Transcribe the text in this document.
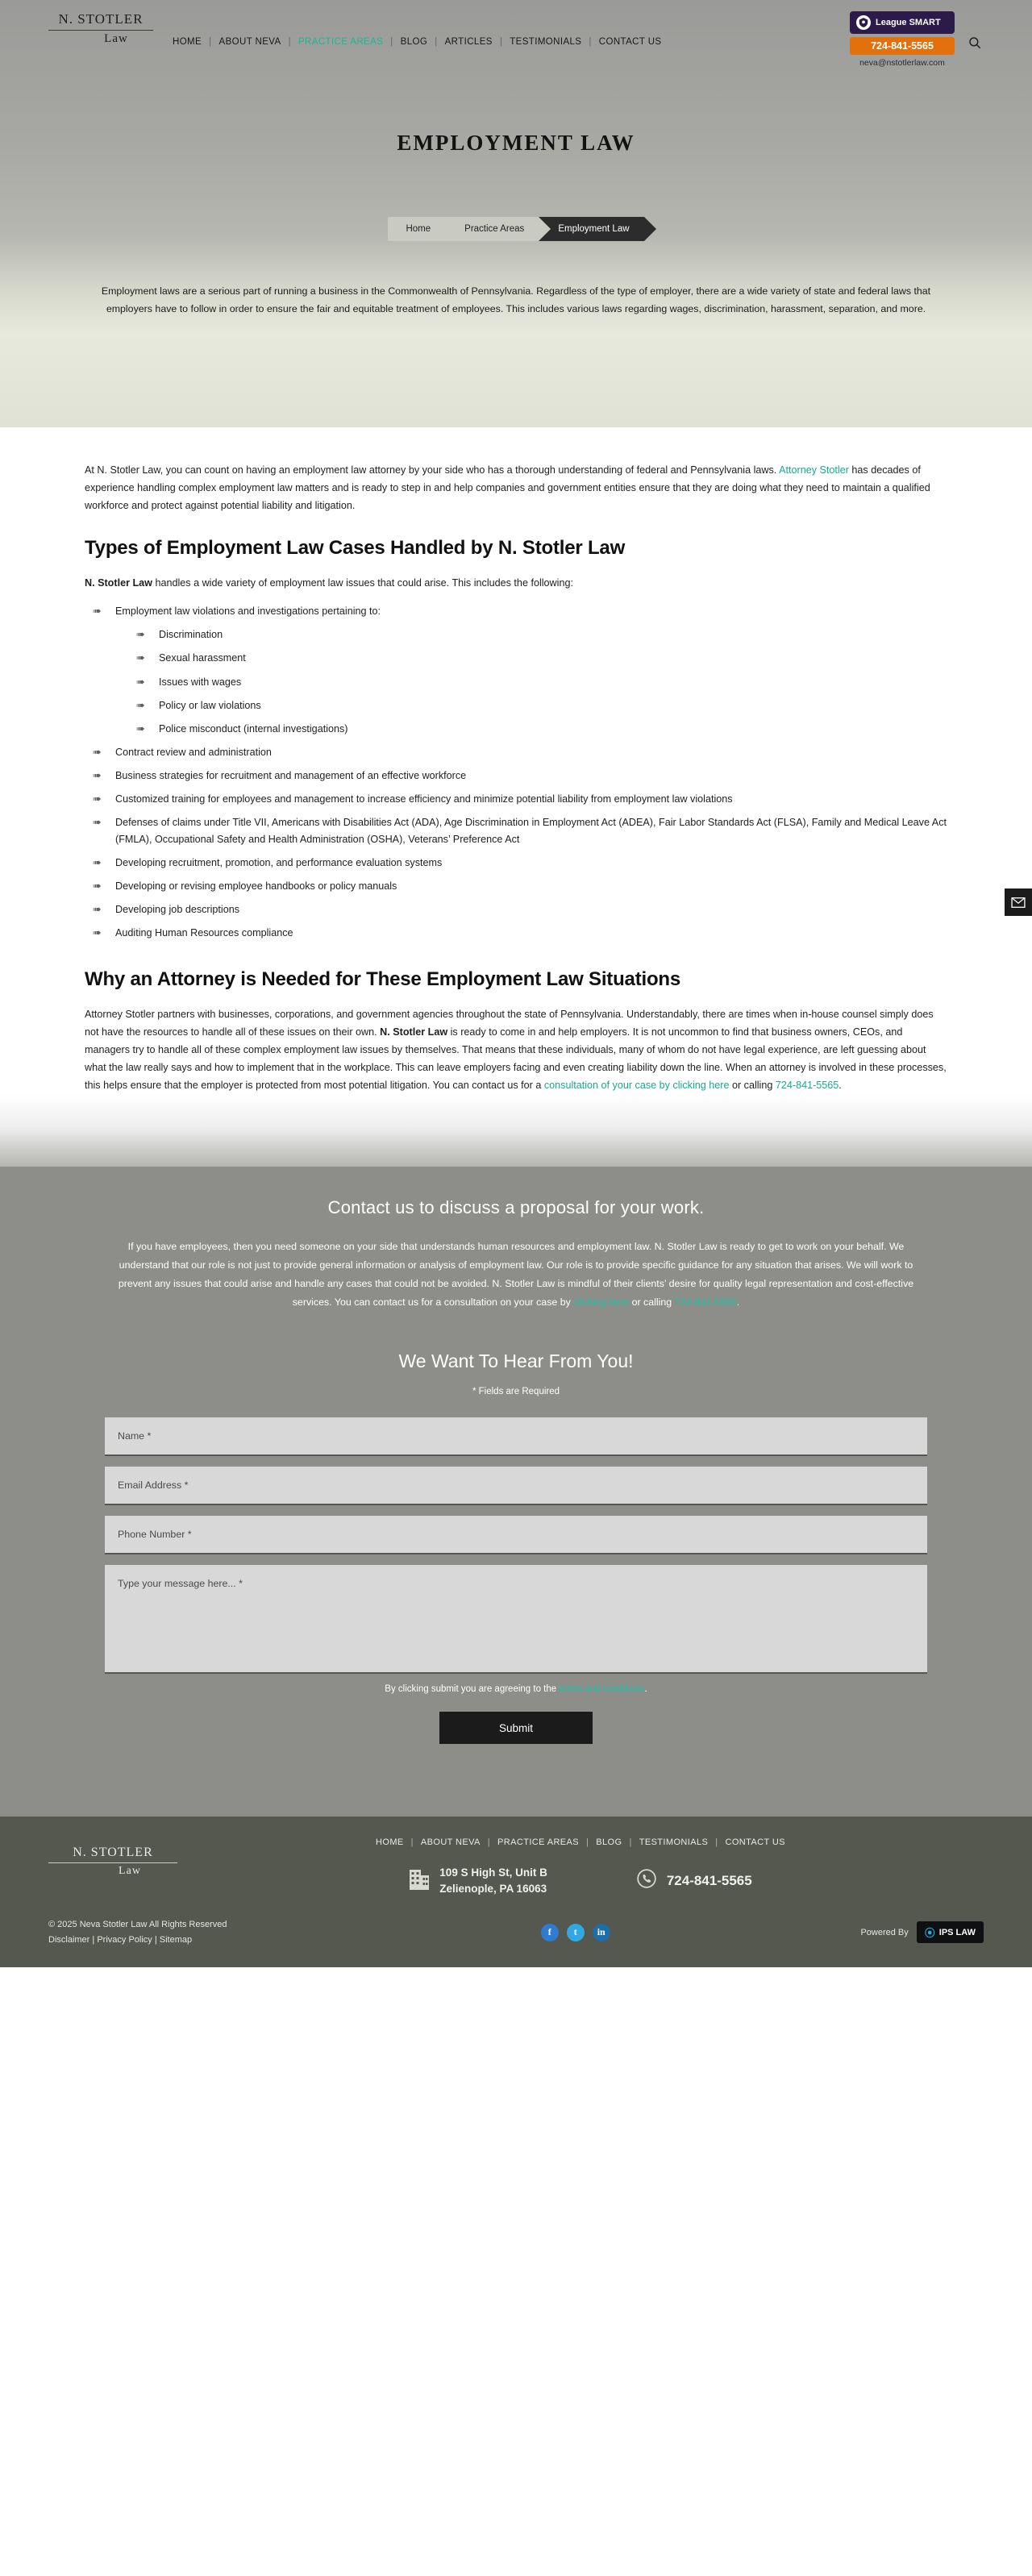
N. STOTLER
Law	HOME | ABOUT NEVA | PRACTICE AREAS | BLOG | ARTICLES | TESTIMONIALS | CONTACT US
League SMART
724-841-5565
neva@nstotlerlaw.com
EMPLOYMENT LAW
Home	Practice Areas	Employment Law

Employment laws are a serious part of running a business in the Commonwealth of Pennsylvania. Regardless of the type of employer, there are a wide variety of state and federal laws that employers have to follow in order to ensure the fair and equitable treatment of employees. This includes various laws regarding wages, discrimination, harassment, separation, and more.

At N. Stotler Law, you can count on having an employment law attorney by your side who has a thorough understanding of federal and Pennsylvania laws. Attorney Stotler has decades of experience handling complex employment law matters and is ready to step in and help companies and government entities ensure that they are doing what they need to maintain a qualified workforce and protect against potential liability and litigation.

Types of Employment Law Cases Handled by N. Stotler Law

N. Stotler Law handles a wide variety of employment law issues that could arise. This includes the following:

➠	Employment law violations and investigations pertaining to:
➠	Discrimination
➠	Sexual harassment
➠	Issues with wages
➠	Policy or law violations
➠	Police misconduct (internal investigations)
➠	Contract review and administration
➠	Business strategies for recruitment and management of an effective workforce
➠	Customized training for employees and management to increase efficiency and minimize potential liability from employment law violations
➠	Defenses of claims under Title VII, Americans with Disabilities Act (ADA), Age Discrimination in Employment Act (ADEA), Fair Labor Standards Act (FLSA), Family and Medical Leave Act (FMLA), Occupational Safety and Health Administration (OSHA), Veterans’ Preference Act
➠	Developing recruitment, promotion, and performance evaluation systems
➠	Developing or revising employee handbooks or policy manuals
➠	Developing job descriptions
➠	Auditing Human Resources compliance
Why an Attorney is Needed for These Employment Law Situations

Attorney Stotler partners with businesses, corporations, and government agencies throughout the state of Pennsylvania. Understandably, there are times when in-house counsel simply does not have the resources to handle all of these issues on their own. N. Stotler Law is ready to come in and help employers. It is not uncommon to find that business owners, CEOs, and managers try to handle all of these complex employment law issues by themselves. That means that these individuals, many of whom do not have legal experience, are left guessing about what the law really says and how to implement that in the workplace. This can leave employers facing and even creating liability down the line. When an attorney is involved in these processes, this helps ensure that the employer is protected from most potential litigation. You can contact us for a consultation of your case by clicking here or calling 724-841-5565.

Contact us to discuss a proposal for your work.

If you have employees, then you need someone on your side that understands human resources and employment law. N. Stotler Law is ready to get to work on your behalf. We understand that our role is not just to provide general information or analysis of employment law. Our role is to provide specific guidance for any situation that arises. We will work to prevent any issues that could arise and handle any cases that could not be avoided. N. Stotler Law is mindful of their clients’ desire for quality legal representation and cost-effective services. You can contact us for a consultation on your case by clicking here or calling 724-841-5565.

We Want To Hear From You!
* Fields are Required
Name *
Email Address *
Phone Number *
Type your message here... *
By clicking submit you are agreeing to the terms and conditions.
Submit
N. STOTLER
Law
HOME | ABOUT NEVA | PRACTICE AREAS | BLOG | TESTIMONIALS | CONTACT US
109 S High St, Unit B
Zelienople, PA 16063
724-841-5565
© 2025 Neva Stotler Law All Rights Reserved
Disclaimer | Privacy Policy | Sitemap
f	t	in	Powered By ⦿ IPS LAW
